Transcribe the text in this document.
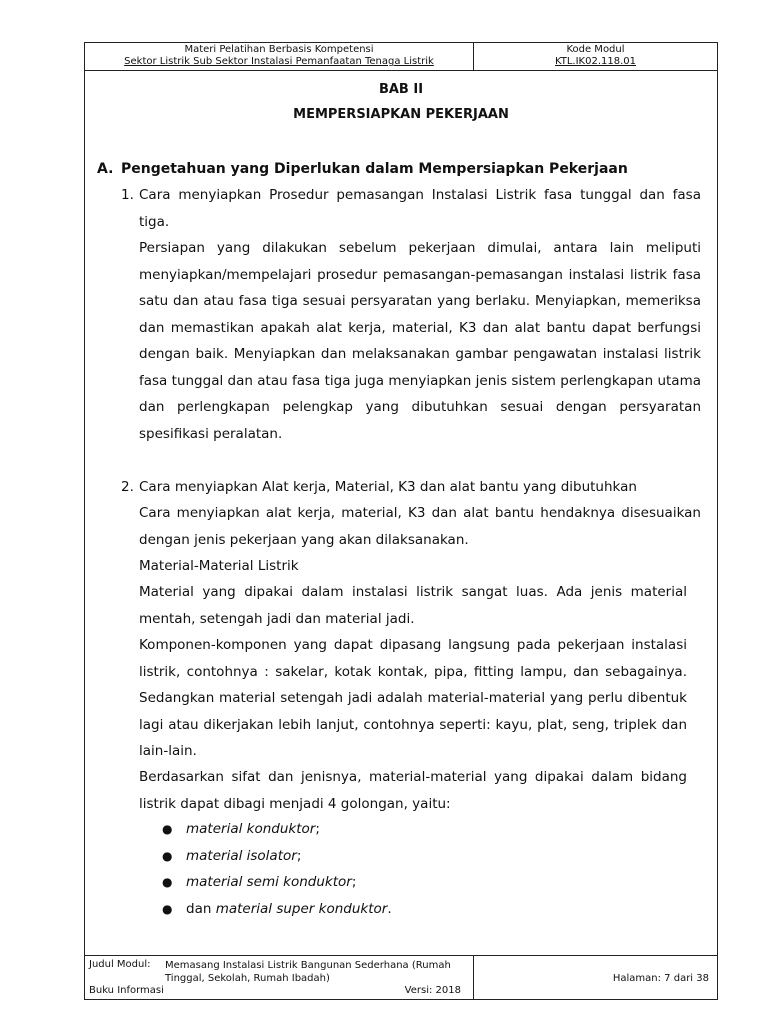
Materi Pelatihan Berbasis Kompetensi
Sektor Listrik Sub Sektor Instalasi Pemanfaatan Tenaga Listrik
Kode Modul
KTL.IK02.118.01
BAB II
MEMPERSIAPKAN PEKERJAAN
A. Pengetahuan yang Diperlukan dalam Mempersiapkan Pekerjaan
1. Cara menyiapkan Prosedur pemasangan Instalasi Listrik fasa tunggal dan fasa tiga.
Persiapan yang dilakukan sebelum pekerjaan dimulai, antara lain meliputi menyiapkan/mempelajari prosedur pemasangan-pemasangan instalasi listrik fasa satu dan atau fasa tiga sesuai persyaratan yang berlaku. Menyiapkan, memeriksa dan memastikan apakah alat kerja, material, K3 dan alat bantu dapat berfungsi dengan baik. Menyiapkan dan melaksanakan gambar pengawatan instalasi listrik fasa tunggal dan atau fasa tiga juga menyiapkan jenis sistem perlengkapan utama dan perlengkapan pelengkap yang dibutuhkan sesuai dengan persyaratan spesifikasi peralatan.
2. Cara menyiapkan Alat kerja, Material, K3 dan alat bantu yang dibutuhkan
Cara menyiapkan alat kerja, material, K3 dan alat bantu hendaknya disesuaikan dengan jenis pekerjaan yang akan dilaksanakan.
Material-Material Listrik
Material yang dipakai dalam instalasi listrik sangat luas. Ada jenis material mentah, setengah jadi dan material jadi.
Komponen-komponen yang dapat dipasang langsung pada pekerjaan instalasi listrik, contohnya : sakelar, kotak kontak, pipa, fitting lampu, dan sebagainya. Sedangkan material setengah jadi adalah material-material yang perlu dibentuk lagi atau dikerjakan lebih lanjut, contohnya seperti: kayu, plat, seng, triplek dan lain-lain.
Berdasarkan sifat dan jenisnya, material-material yang dipakai dalam bidang listrik dapat dibagi menjadi 4 golongan, yaitu:
● material konduktor;
● material isolator;
● material semi konduktor;
● dan material super konduktor.
Judul Modul: Memasang Instalasi Listrik Bangunan Sederhana (Rumah Tinggal, Sekolah, Rumah Ibadah)
Buku Informasi	Versi: 2018
Halaman: 7 dari 38
